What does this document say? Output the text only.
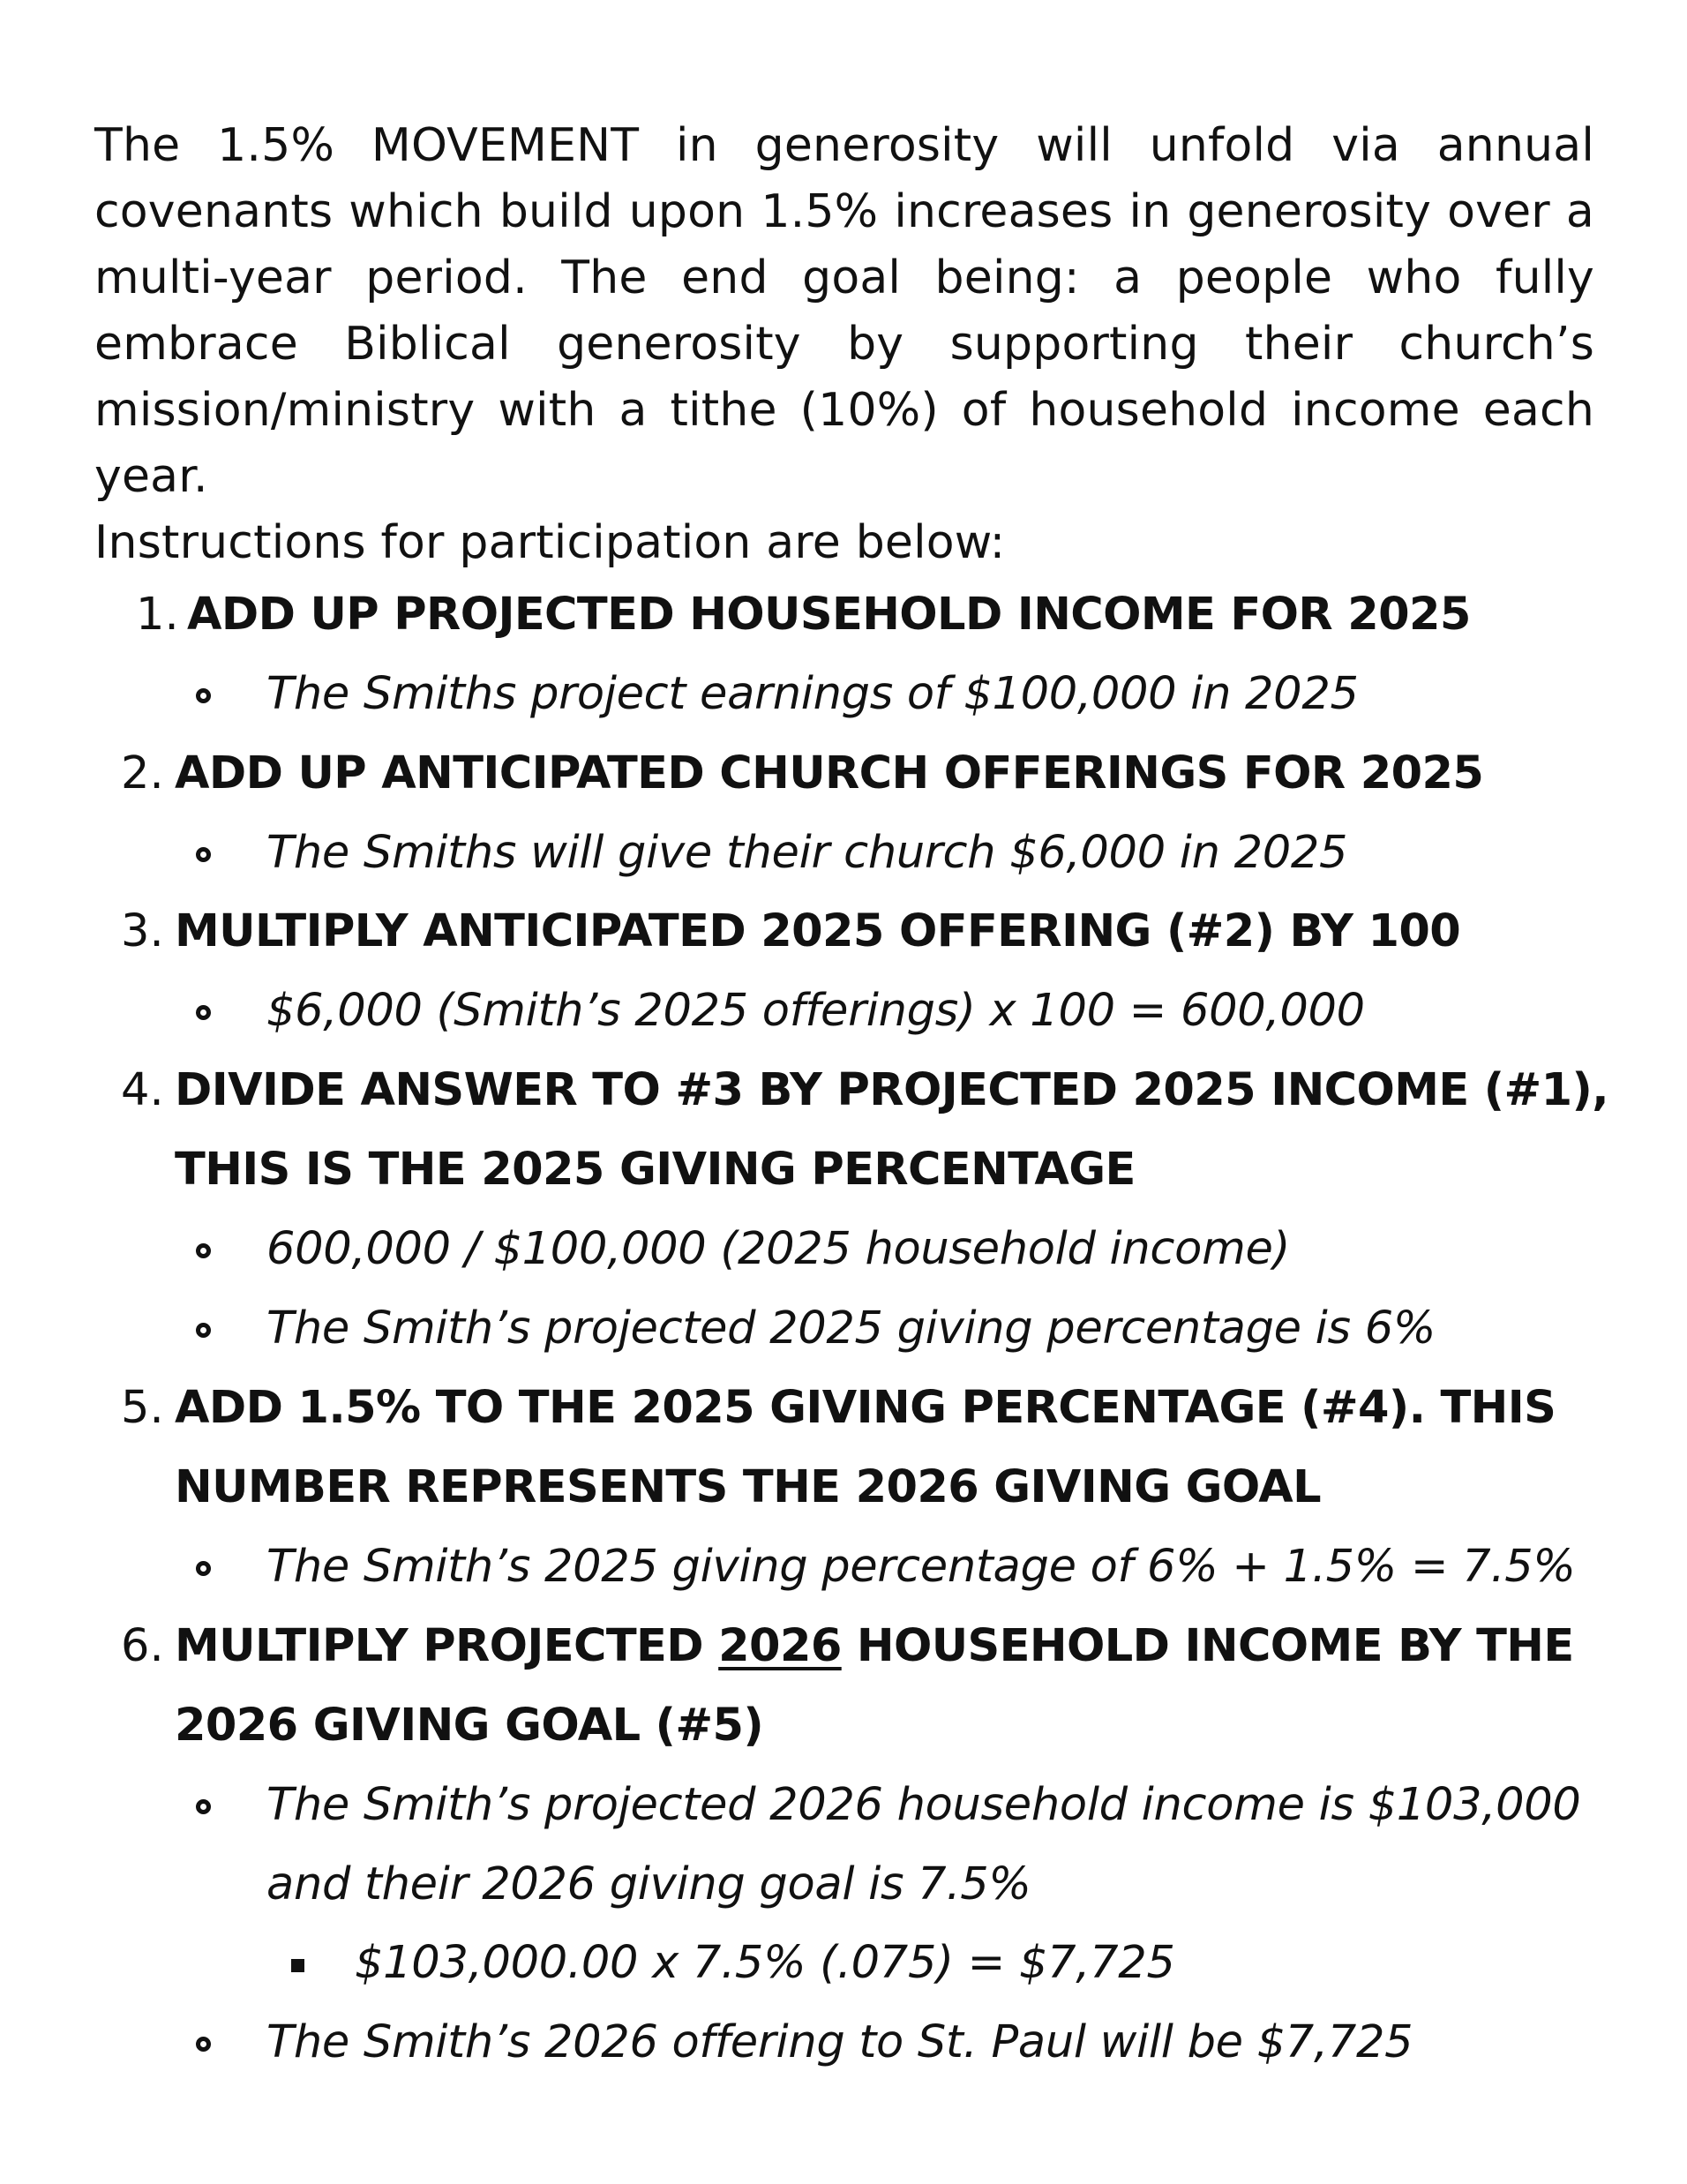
The 1.5% MOVEMENT in generosity will unfold via annual covenants which build upon 1.5% increases in generosity over a multi-year period. The end goal being: a people who fully embrace Biblical generosity by supporting their church’s mission/ministry with a tithe (10%) of household income each year.
Instructions for participation are below:

1. ADD UP PROJECTED HOUSEHOLD INCOME FOR 2025
The Smiths project earnings of $100,000 in 2025
2. ADD UP ANTICIPATED CHURCH OFFERINGS FOR 2025
The Smiths will give their church $6,000 in 2025
3. MULTIPLY ANTICIPATED 2025 OFFERING (#2) BY 100
$6,000 (Smith’s 2025 offerings) x 100 = 600,000
4. DIVIDE ANSWER TO #3 BY PROJECTED 2025 INCOME (#1),
THIS IS THE 2025 GIVING PERCENTAGE
600,000 / $100,000 (2025 household income)
The Smith’s projected 2025 giving percentage is 6%
5. ADD 1.5% TO THE 2025 GIVING PERCENTAGE (#4). THIS
NUMBER REPRESENTS THE 2026 GIVING GOAL
The Smith’s 2025 giving percentage of 6% + 1.5% = 7.5%
6. MULTIPLY PROJECTED 2026 HOUSEHOLD INCOME BY THE
2026 GIVING GOAL (#5)
The Smith’s projected 2026 household income is $103,000
and their 2026 giving goal is 7.5%
$103,000.00 x 7.5% (.075) = $7,725
The Smith’s 2026 offering to St. Paul will be $7,725
